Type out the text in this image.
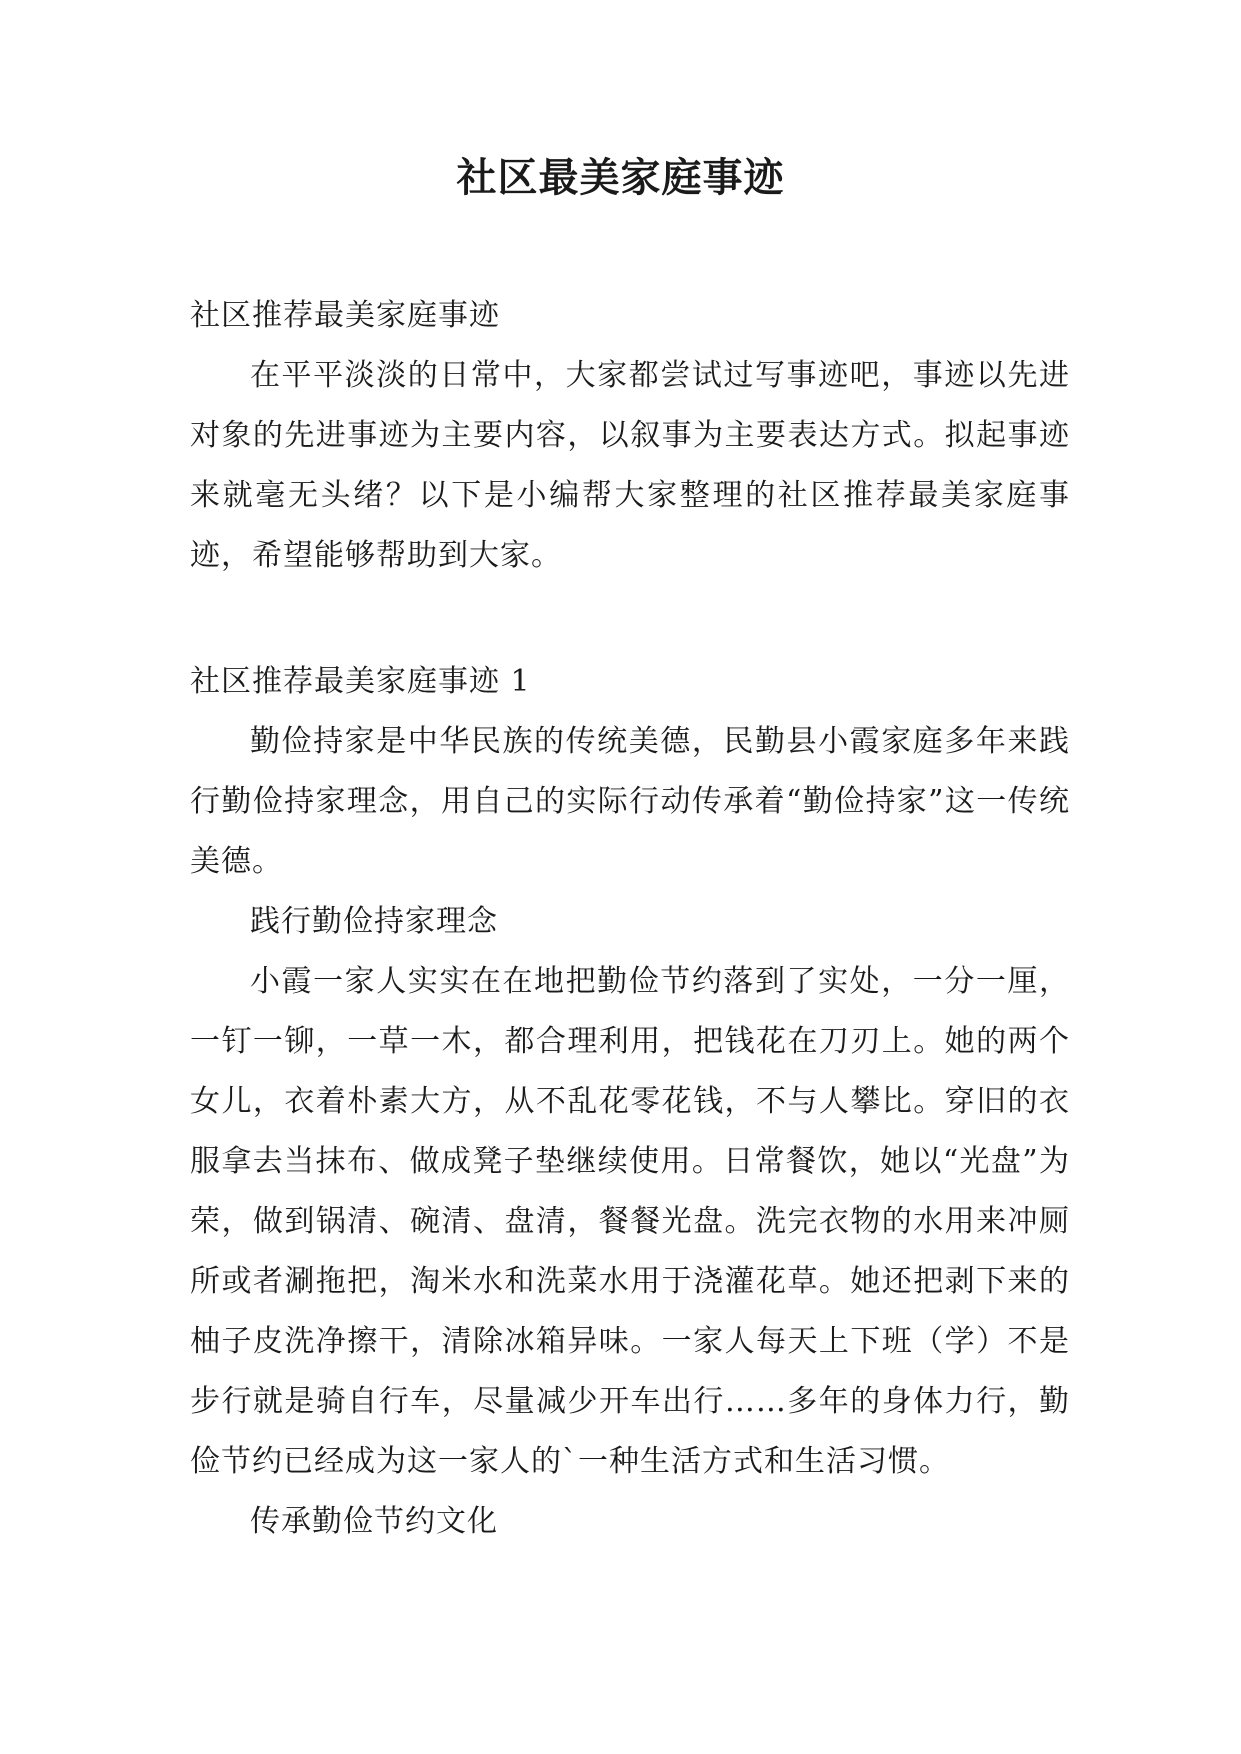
社区最美家庭事迹

社区推荐最美家庭事迹

在平平淡淡的日常中，大家都尝试过写事迹吧，事迹以先进对象的先进事迹为主要内容，以叙事为主要表达方式。拟起事迹来就毫无头绪？以下是小编帮大家整理的社区推荐最美家庭事迹，希望能够帮助到大家。

社区推荐最美家庭事迹 1

勤俭持家是中华民族的传统美德，民勤县小霞家庭多年来践行勤俭持家理念，用自己的实际行动传承着“勤俭持家”这一传统美德。

践行勤俭持家理念

小霞一家人实实在在地把勤俭节约落到了实处，一分一厘，一钉一铆，一草一木，都合理利用，把钱花在刀刃上。她的两个女儿，衣着朴素大方，从不乱花零花钱，不与人攀比。穿旧的衣服拿去当抹布、做成凳子垫继续使用。日常餐饮，她以“光盘”为荣，做到锅清、碗清、盘清，餐餐光盘。洗完衣物的水用来冲厕所或者涮拖把，淘米水和洗菜水用于浇灌花草。她还把剥下来的柚子皮洗净擦干，清除冰箱异味。一家人每天上下班（学）不是步行就是骑自行车，尽量减少开车出行……多年的身体力行，勤俭节约已经成为这一家人的`一种生活方式和生活习惯。

传承勤俭节约文化
